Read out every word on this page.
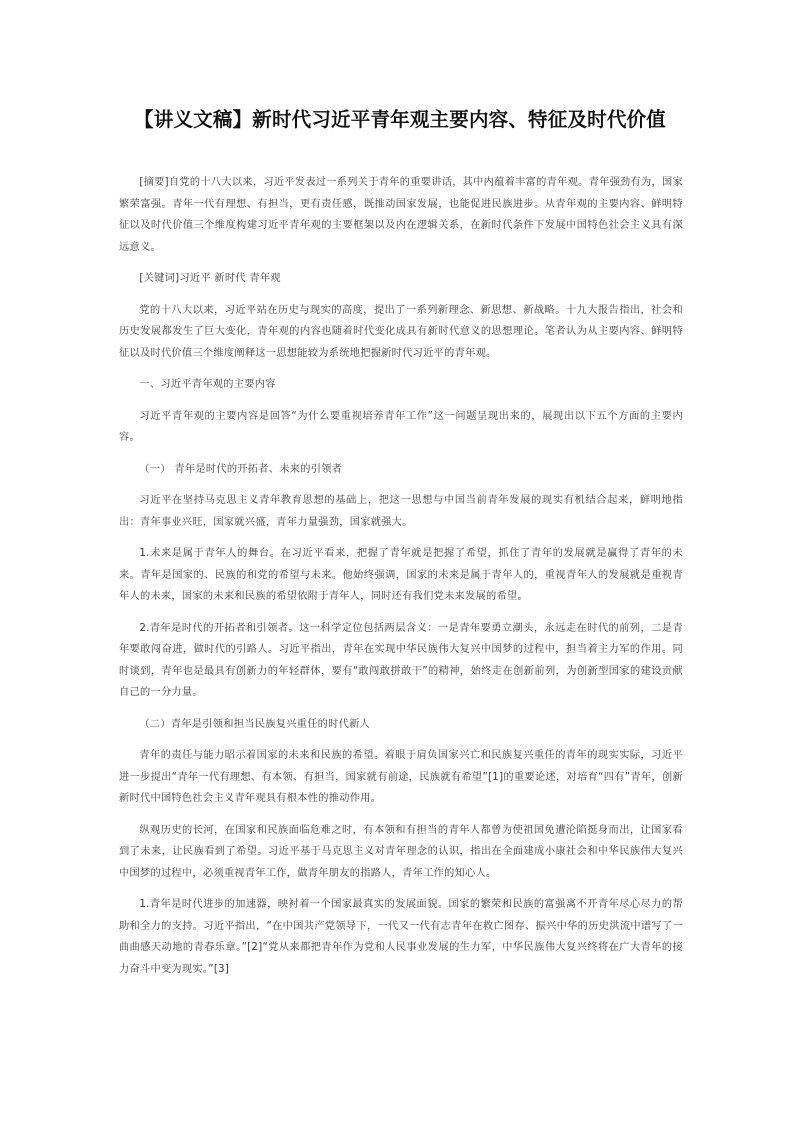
【讲义文稿】新时代习近平青年观主要内容、特征及时代价值

[摘要]自党的十八大以来，习近平发表过一系列关于青年的重要讲话，其中内蕴着丰富的青年观。青年强劲有为，国家繁荣富强。青年一代有理想、有担当，更有责任感，既推动国家发展，也能促进民族进步。从青年观的主要内容、鲜明特征以及时代价值三个维度构建习近平青年观的主要框架以及内在逻辑关系，在新时代条件下发展中国特色社会主义具有深远意义。

[关键词]习近平 新时代 青年观

党的十八大以来，习近平站在历史与现实的高度，提出了一系列新理念、新思想、新战略。十九大报告指出，社会和历史发展都发生了巨大变化，青年观的内容也随着时代变化成具有新时代意义的思想理论。笔者认为从主要内容、鲜明特征以及时代价值三个维度阐释这一思想能较为系统地把握新时代习近平的青年观。

一、习近平青年观的主要内容

习近平青年观的主要内容是回答“为什么要重视培养青年工作”这一问题呈现出来的，展现出以下五个方面的主要内容。

（一） 青年是时代的开拓者、未来的引领者

习近平在坚持马克思主义青年教育思想的基础上，把这一思想与中国当前青年发展的现实有机结合起来，鲜明地指出：青年事业兴旺，国家就兴盛，青年力量强劲，国家就强大。

1.未来是属于青年人的舞台。在习近平看来，把握了青年就是把握了希望，抓住了青年的发展就是赢得了青年的未来。青年是国家的、民族的和党的希望与未来。他始终强调，国家的未来是属于青年人的，重视青年人的发展就是重视青年人的未来，国家的未来和民族的希望依附于青年人，同时还有我们党未来发展的希望。

2.青年是时代的开拓者和引领者。这一科学定位包括两层含义：一是青年要勇立潮头，永远走在时代的前列，二是青年要敢闯奋进，做时代的引路人。习近平指出，青年在实现中华民族伟大复兴中国梦的过程中，担当着主力军的作用。同时谈到，青年也是最具有创新力的年轻群体，要有“敢闯敢拼敢干”的精神，始终走在创新前列，为创新型国家的建设贡献自己的一分力量。

（二）青年是引领和担当民族复兴重任的时代新人

青年的责任与能力昭示着国家的未来和民族的希望。着眼于肩负国家兴亡和民族复兴重任的青年的现实实际，习近平进一步提出“青年一代有理想、有本领、有担当，国家就有前途，民族就有希望”[1]的重要论述，对培育“四有”青年，创新新时代中国特色社会主义青年观具有根本性的推动作用。

纵观历史的长河，在国家和民族面临危难之时，有本领和有担当的青年人都曾为使祖国免遭沦陷挺身而出，让国家看到了未来，让民族看到了希望。习近平基于马克思主义对青年理念的认识，指出在全面建成小康社会和中华民族伟大复兴中国梦的过程中，必须重视青年工作，做青年朋友的指路人，青年工作的知心人。

1.青年是时代进步的加速器，映衬着一个国家最真实的发展面貌。国家的繁荣和民族的富强离不开青年尽心尽力的帮助和全力的支持。习近平指出，“在中国共产党领导下，一代又一代有志青年在救亡图存、振兴中华的历史洪流中谱写了一曲曲感天动地的青春乐章。”[2]“党从来都把青年作为党和人民事业发展的生力军，中华民族伟大复兴终将在广大青年的接力奋斗中变为现实。”[3]
